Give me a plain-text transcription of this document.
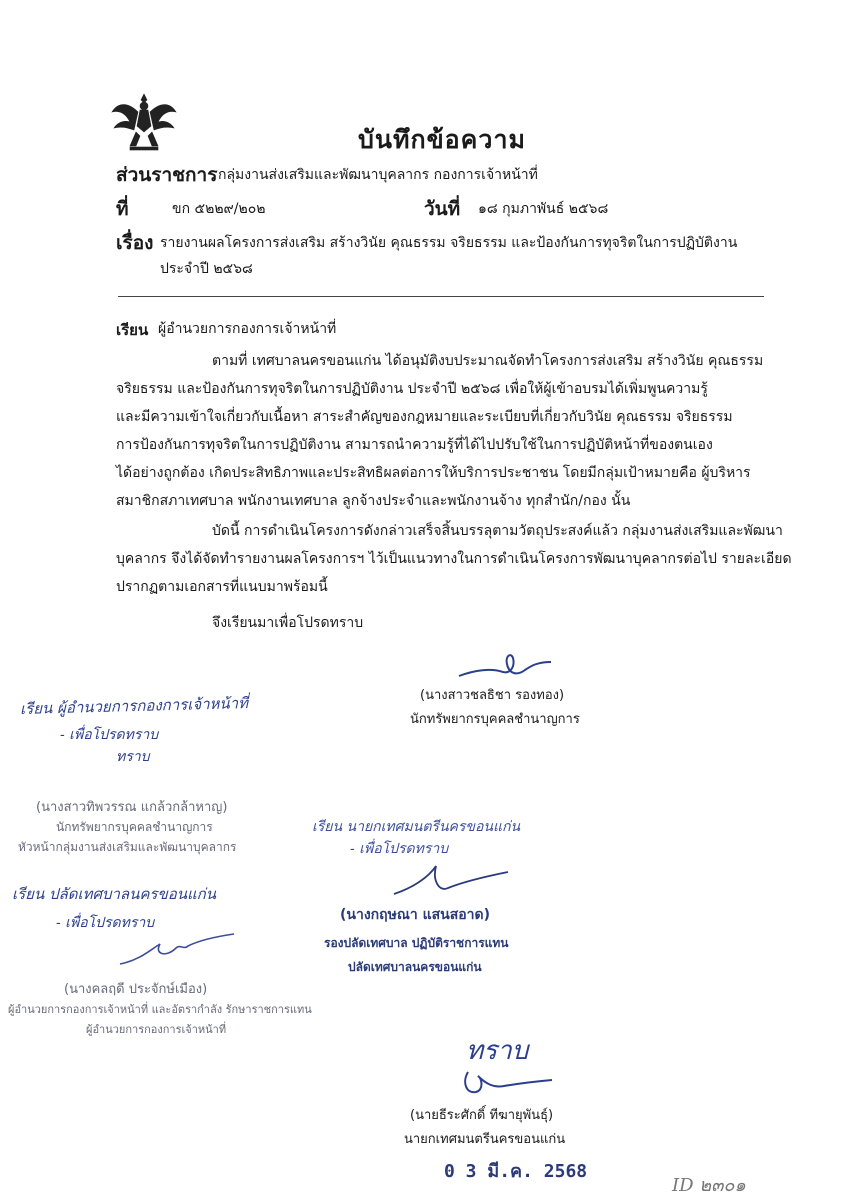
บันทึกข้อความ
ส่วนราชการ กลุ่มงานส่งเสริมและพัฒนาบุคลากร กองการเจ้าหน้าที่
ที่	ขก ๕๒๒๙/๒๐๒	วันที่ ๑๘ กุมภาพันธ์ ๒๕๖๘
เรื่อง รายงานผลโครงการส่งเสริม สร้างวินัย คุณธรรม จริยธรรม และป้องกันการทุจริตในการปฏิบัติงาน
ประจำปี ๒๕๖๘
เรียน ผู้อำนวยการกองการเจ้าหน้าที่
ตามที่ เทศบาลนครขอนแก่น ได้อนุมัติงบประมาณจัดทำโครงการส่งเสริม สร้างวินัย คุณธรรม
จริยธรรม และป้องกันการทุจริตในการปฏิบัติงาน ประจำปี ๒๕๖๘ เพื่อให้ผู้เข้าอบรมได้เพิ่มพูนความรู้
และมีความเข้าใจเกี่ยวกับเนื้อหา สาระสำคัญของกฎหมายและระเบียบที่เกี่ยวกับวินัย คุณธรรม จริยธรรม
การป้องกันการทุจริตในการปฏิบัติงาน สามารถนำความรู้ที่ได้ไปปรับใช้ในการปฏิบัติหน้าที่ของตนเอง
ได้อย่างถูกต้อง เกิดประสิทธิภาพและประสิทธิผลต่อการให้บริการประชาชน โดยมีกลุ่มเป้าหมายคือ ผู้บริหาร
สมาชิกสภาเทศบาล พนักงานเทศบาล ลูกจ้างประจำและพนักงานจ้าง ทุกสำนัก/กอง นั้น
บัดนี้ การดำเนินโครงการดังกล่าวเสร็จสิ้นบรรลุตามวัตถุประสงค์แล้ว กลุ่มงานส่งเสริมและพัฒนา
บุคลากร จึงได้จัดทำรายงานผลโครงการฯ ไว้เป็นแนวทางในการดำเนินโครงการพัฒนาบุคลากรต่อไป รายละเอียด
ปรากฏตามเอกสารที่แนบมาพร้อมนี้
จึงเรียนมาเพื่อโปรดทราบ
(นางสาวชลธิชา รองทอง)
นักทรัพยากรบุคคลชำนาญการ
เรียน ผู้อำนวยการกองการเจ้าหน้าที่
- เพื่อโปรดทราบ
ทราบ
(นางสาวทิพวรรณ แกล้วกล้าหาญ)
นักทรัพยากรบุคคลชำนาญการ
หัวหน้ากลุ่มงานส่งเสริมและพัฒนาบุคลากร
เรียน ปลัดเทศบาลนครขอนแก่น
- เพื่อโปรดทราบ
(นางคลฤดี ประจักษ์เมือง)
ผู้อำนวยการกองการเจ้าหน้าที่ และอัตรากำลัง รักษาราชการแทน
ผู้อำนวยการกองการเจ้าหน้าที่
เรียน นายกเทศมนตรีนครขอนแก่น
- เพื่อโปรดทราบ
(นางกฤษณา แสนสอาด)
รองปลัดเทศบาล ปฏิบัติราชการแทน
ปลัดเทศบาลนครขอนแก่น
ทราบ
(นายธีระศักดิ์ ทีฆายุพันธุ์)
นายกเทศมนตรีนครขอนแก่น
0 3 มี.ค. 2568
ID ๒๓๐๑
